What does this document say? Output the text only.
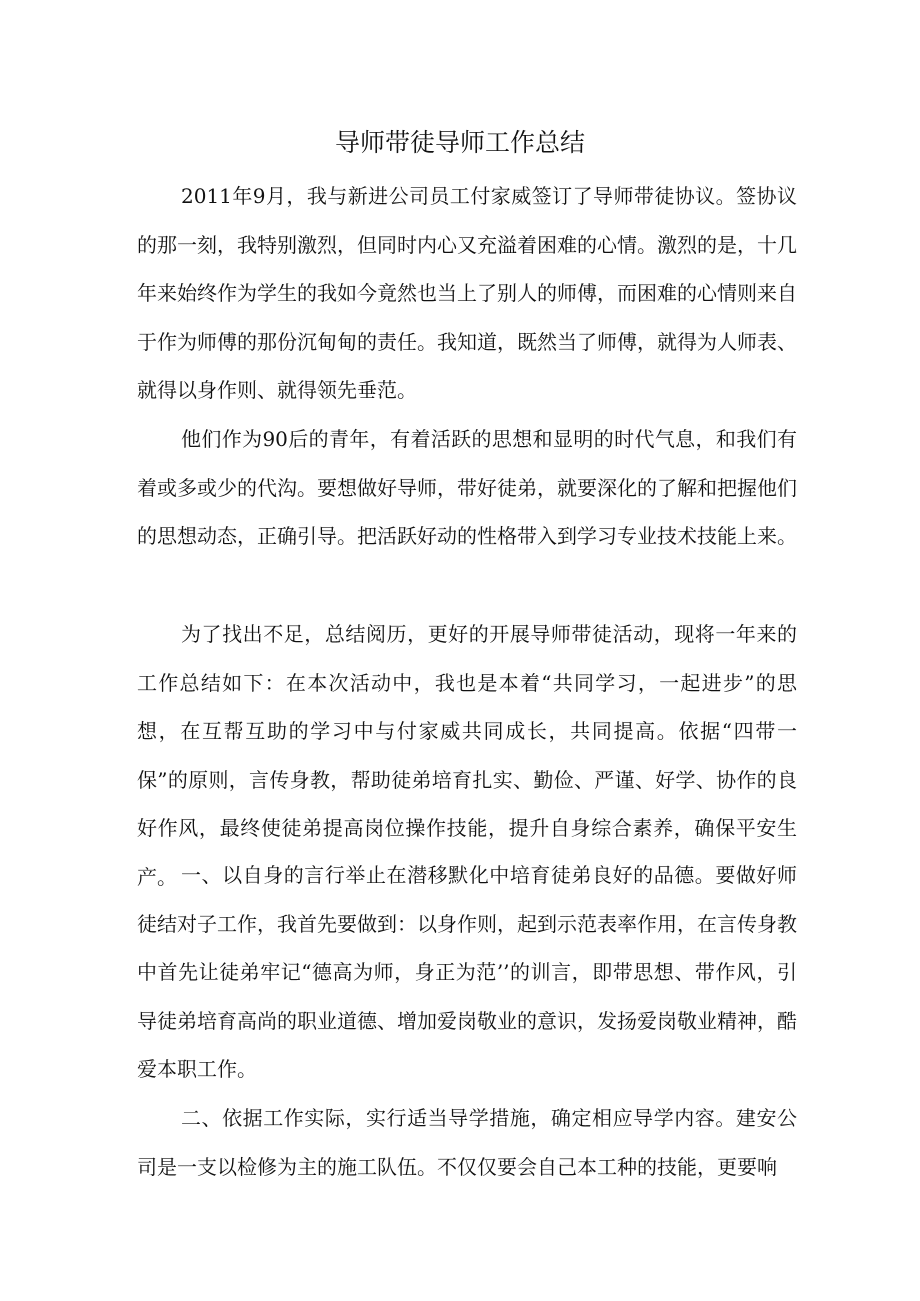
导师带徒导师工作总结

2011年9月，我与新进公司员工付家威签订了导师带徒协议。签协议的那一刻，我特别激烈，但同时内心又充溢着困难的心情。激烈的是，十几年来始终作为学生的我如今竟然也当上了别人的师傅，而困难的心情则来自于作为师傅的那份沉甸甸的责任。我知道，既然当了师傅，就得为人师表、就得以身作则、就得领先垂范。

他们作为90后的青年，有着活跃的思想和显明的时代气息，和我们有着或多或少的代沟。要想做好导师，带好徒弟，就要深化的了解和把握他们的思想动态，正确引导。把活跃好动的性格带入到学习专业技术技能上来。

为了找出不足，总结阅历，更好的开展导师带徒活动，现将一年来的工作总结如下：在本次活动中，我也是本着“共同学习，一起进步”的思想，在互帮互助的学习中与付家威共同成长，共同提高。依据“四带一保”的原则，言传身教，帮助徒弟培育扎实、勤俭、严谨、好学、协作的良好作风，最终使徒弟提高岗位操作技能，提升自身综合素养，确保平安生产。 一、以自身的言行举止在潜移默化中培育徒弟良好的品德。要做好师徒结对子工作，我首先要做到：以身作则，起到示范表率作用，在言传身教中首先让徒弟牢记“德高为师，身正为范’’的训言，即带思想、带作风，引导徒弟培育高尚的职业道德、增加爱岗敬业的意识，发扬爱岗敬业精神，酷爱本职工作。

二、依据工作实际，实行适当导学措施，确定相应导学内容。建安公司是一支以检修为主的施工队伍。不仅仅要会自己本工种的技能，更要响
